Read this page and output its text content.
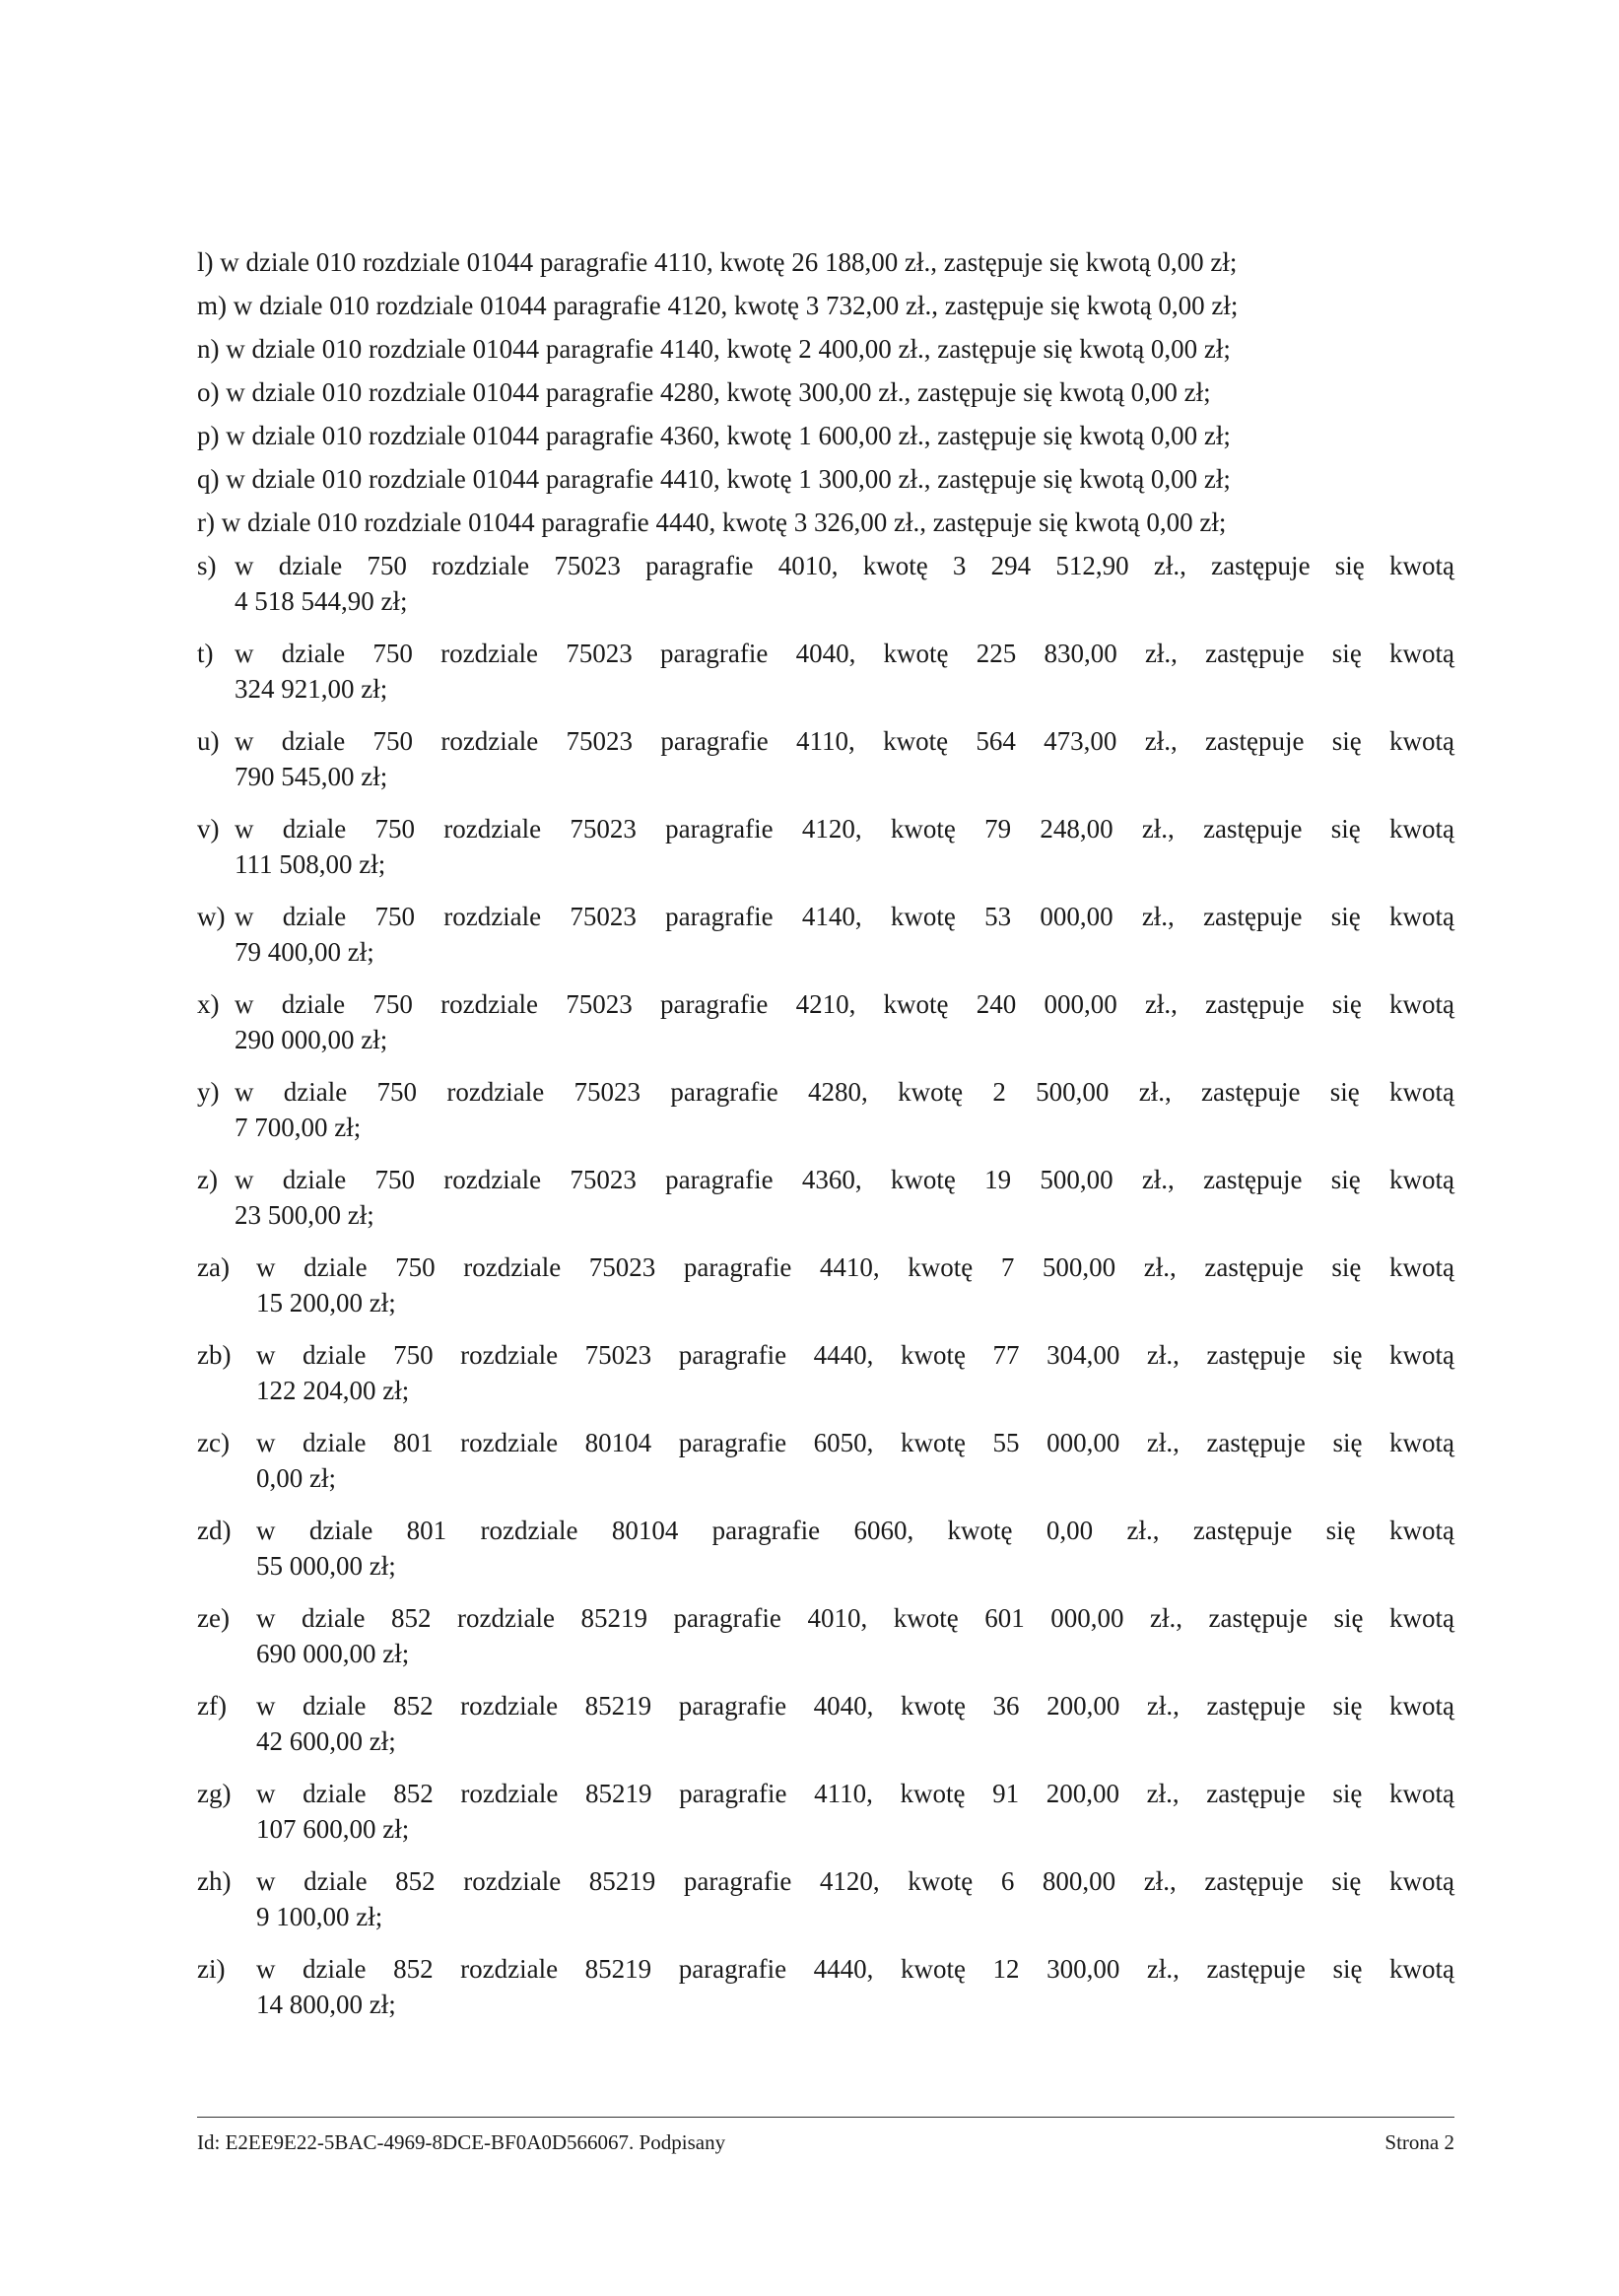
l) w dziale 010 rozdziale 01044 paragrafie 4110, kwotę 26 188,00 zł., zastępuje się kwotą 0,00 zł;
m) w dziale 010 rozdziale 01044 paragrafie 4120, kwotę 3 732,00 zł., zastępuje się kwotą 0,00 zł;
n) w dziale 010 rozdziale 01044 paragrafie 4140, kwotę 2 400,00 zł., zastępuje się kwotą 0,00 zł;
o) w dziale 010 rozdziale 01044 paragrafie 4280, kwotę 300,00 zł., zastępuje się kwotą 0,00 zł;
p) w dziale 010 rozdziale 01044 paragrafie 4360, kwotę 1 600,00 zł., zastępuje się kwotą 0,00 zł;
q) w dziale 010 rozdziale 01044 paragrafie 4410, kwotę 1 300,00 zł., zastępuje się kwotą 0,00 zł;
r) w dziale 010 rozdziale 01044 paragrafie 4440, kwotę 3 326,00 zł., zastępuje się kwotą 0,00 zł;
s) w dziale 750 rozdziale 75023 paragrafie 4010, kwotę 3 294 512,90 zł., zastępuje się kwotą
4 518 544,90 zł;
t) w dziale 750 rozdziale 75023 paragrafie 4040, kwotę 225 830,00 zł., zastępuje się kwotą
324 921,00 zł;
u) w dziale 750 rozdziale 75023 paragrafie 4110, kwotę 564 473,00 zł., zastępuje się kwotą
790 545,00 zł;
v) w dziale 750 rozdziale 75023 paragrafie 4120, kwotę 79 248,00 zł., zastępuje się kwotą
111 508,00 zł;
w) w dziale 750 rozdziale 75023 paragrafie 4140, kwotę 53 000,00 zł., zastępuje się kwotą
79 400,00 zł;
x) w dziale 750 rozdziale 75023 paragrafie 4210, kwotę 240 000,00 zł., zastępuje się kwotą
290 000,00 zł;
y) w dziale 750 rozdziale 75023 paragrafie 4280, kwotę 2 500,00 zł., zastępuje się kwotą
7 700,00 zł;
z) w dziale 750 rozdziale 75023 paragrafie 4360, kwotę 19 500,00 zł., zastępuje się kwotą
23 500,00 zł;
za)	w dziale 750 rozdziale 75023 paragrafie 4410, kwotę 7 500,00 zł., zastępuje się kwotą
15 200,00 zł;
zb) w dziale 750 rozdziale 75023 paragrafie 4440, kwotę 77 304,00 zł., zastępuje się kwotą
122 204,00 zł;
zc)	w dziale 801 rozdziale 80104 paragrafie 6050, kwotę 55 000,00 zł., zastępuje się kwotą
0,00 zł;
zd) w dziale 801 rozdziale 80104 paragrafie 6060, kwotę 0,00 zł., zastępuje się kwotą
55 000,00 zł;
ze)	w dziale 852 rozdziale 85219 paragrafie 4010, kwotę 601 000,00 zł., zastępuje się kwotą
690 000,00 zł;
zf)	w dziale 852 rozdziale 85219 paragrafie 4040, kwotę 36 200,00 zł., zastępuje się kwotą
42 600,00 zł;
zg) w dziale 852 rozdziale 85219 paragrafie 4110, kwotę 91 200,00 zł., zastępuje się kwotą
107 600,00 zł;
zh) w dziale 852 rozdziale 85219 paragrafie 4120, kwotę 6 800,00 zł., zastępuje się kwotą
9 100,00 zł;
zi)	w dziale 852 rozdziale 85219 paragrafie 4440, kwotę 12 300,00 zł., zastępuje się kwotą
14 800,00 zł;
Id: E2EE9E22-5BAC-4969-8DCE-BF0A0D566067. Podpisany	Strona 2
